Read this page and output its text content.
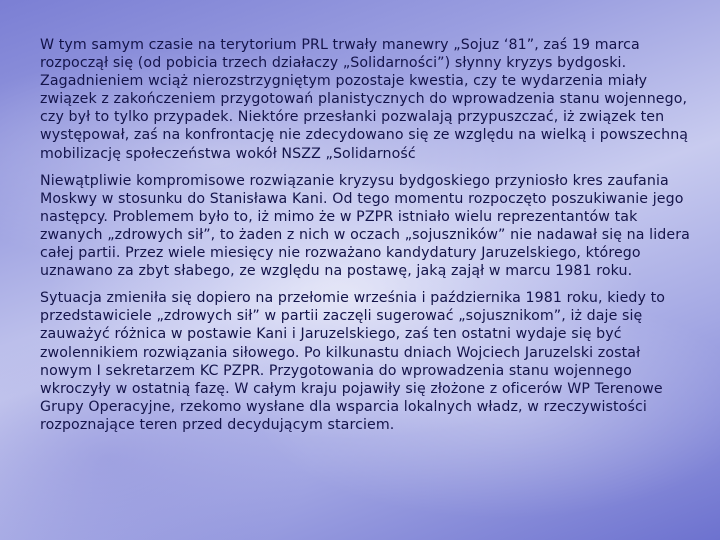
W tym samym czasie na terytorium PRL trwały manewry „Sojuz ‘81”, zaś 19 marca rozpoczął się (od pobicia trzech działaczy „Solidarności”) słynny kryzys bydgoski. Zagadnieniem wciąż nierozstrzygniętym pozostaje kwestia, czy te wydarzenia miały związek z zakończeniem przygotowań planistycznych do wprowadzenia stanu wojennego, czy był to tylko przypadek. Niektóre przesłanki pozwalają przypuszczać, iż związek ten występował, zaś na konfrontację nie zdecydowano się ze względu na wielką i powszechną mobilizację społeczeństwa wokół NSZZ „Solidarność

Niewątpliwie kompromisowe rozwiązanie kryzysu bydgoskiego przyniosło kres zaufania Moskwy w stosunku do Stanisława Kani. Od tego momentu rozpoczęto poszukiwanie jego następcy. Problemem było to, iż mimo że w PZPR istniało wielu reprezentantów tak zwanych „zdrowych sił”, to żaden z nich w oczach „sojuszników” nie nadawał się na lidera całej partii. Przez wiele miesięcy nie rozważano kandydatury Jaruzelskiego, którego uznawano za zbyt słabego, ze względu na postawę, jaką zajął w marcu 1981 roku.

Sytuacja zmieniła się dopiero na przełomie września i października 1981 roku, kiedy to przedstawiciele „zdrowych sił” w partii zaczęli sugerować „sojusznikom”, iż daje się zauważyć różnica w postawie Kani i Jaruzelskiego, zaś ten ostatni wydaje się być zwolennikiem rozwiązania siłowego. Po kilkunastu dniach Wojciech Jaruzelski został nowym I sekretarzem KC PZPR. Przygotowania do wprowadzenia stanu wojennego wkroczyły w ostatnią fazę. W całym kraju pojawiły się złożone z oficerów WP Terenowe Grupy Operacyjne, rzekomo wysłane dla wsparcia lokalnych władz, w rzeczywistości rozpoznające teren przed decydującym starciem.
